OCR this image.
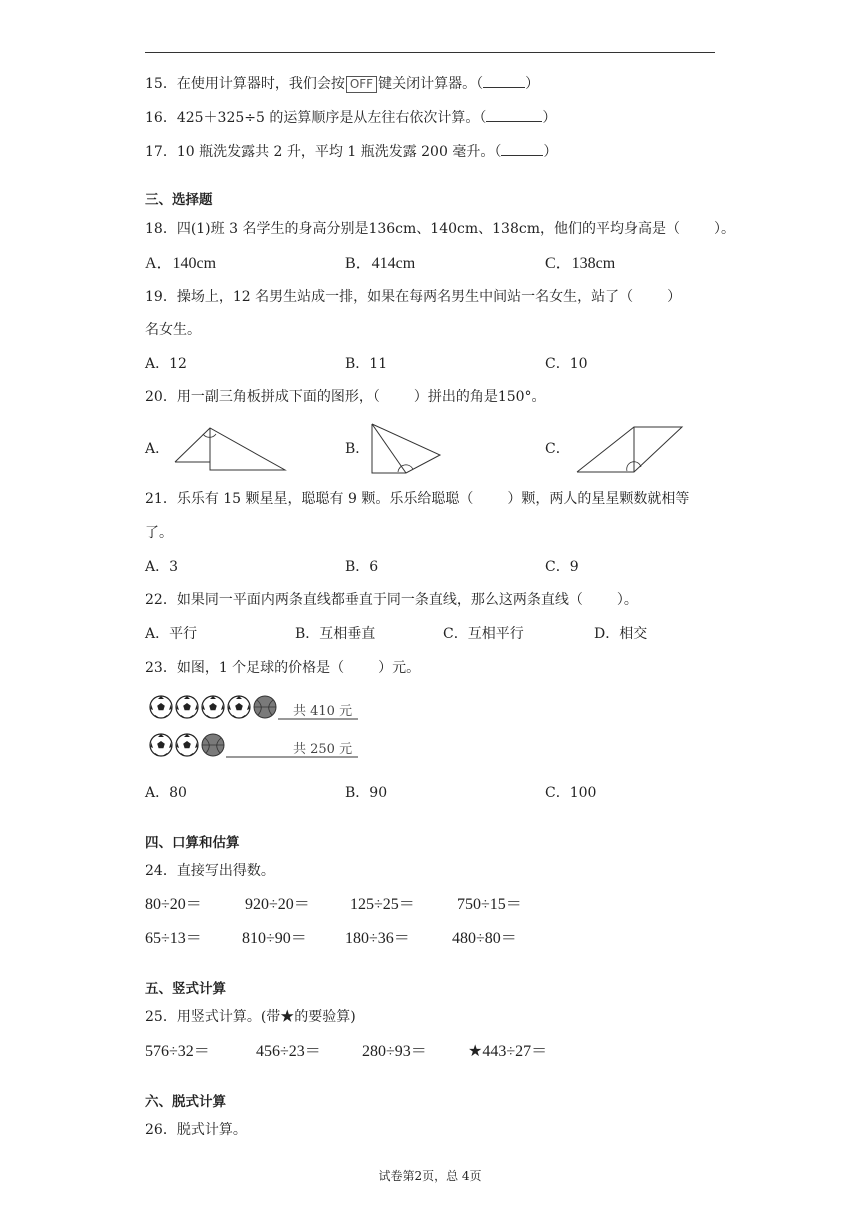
15．在使用计算器时，我们会按 OFF 键关闭计算器。（	）
16．425＋325÷5 的运算顺序是从左往右依次计算。（	）
17．10 瓶洗发露共 2 升，平均 1 瓶洗发露 200 毫升。（	）
三、选择题
18．四(1)班 3 名学生的身高分别是136cm、140cm、138cm，他们的平均身高是（ ）。
A．140cm	B．414cm	C．138cm
19．操场上，12 名男生站成一排，如果在每两名男生中间站一名女生，站了（ ）
名女生。
A．12	B．11	C．10
20．用一副三角板拼成下面的图形，（ ）拼出的角是150°。
A．	B．	C．
21．乐乐有 15 颗星星，聪聪有 9 颗。乐乐给聪聪（ ）颗，两人的星星颗数就相等
了。
A．3	B．6	C．9
22．如果同一平面内两条直线都垂直于同一条直线，那么这两条直线（ ）。
A．平行	B．互相垂直	C．互相平行	D．相交
23．如图，1 个足球的价格是（ ）元。
共 410 元
共 250 元
A．80	B．90	C．100
四、口算和估算
24．直接写出得数。
80÷20＝	920÷20＝	125÷25＝	750÷15＝
65÷13＝	810÷90＝ 180÷36＝	480÷80＝
五、竖式计算
25．用竖式计算。(带★的要验算)
576÷32＝	456÷23＝	280÷93＝	★443÷27＝
六、脱式计算
26．脱式计算。
试卷第2页，总 4页
